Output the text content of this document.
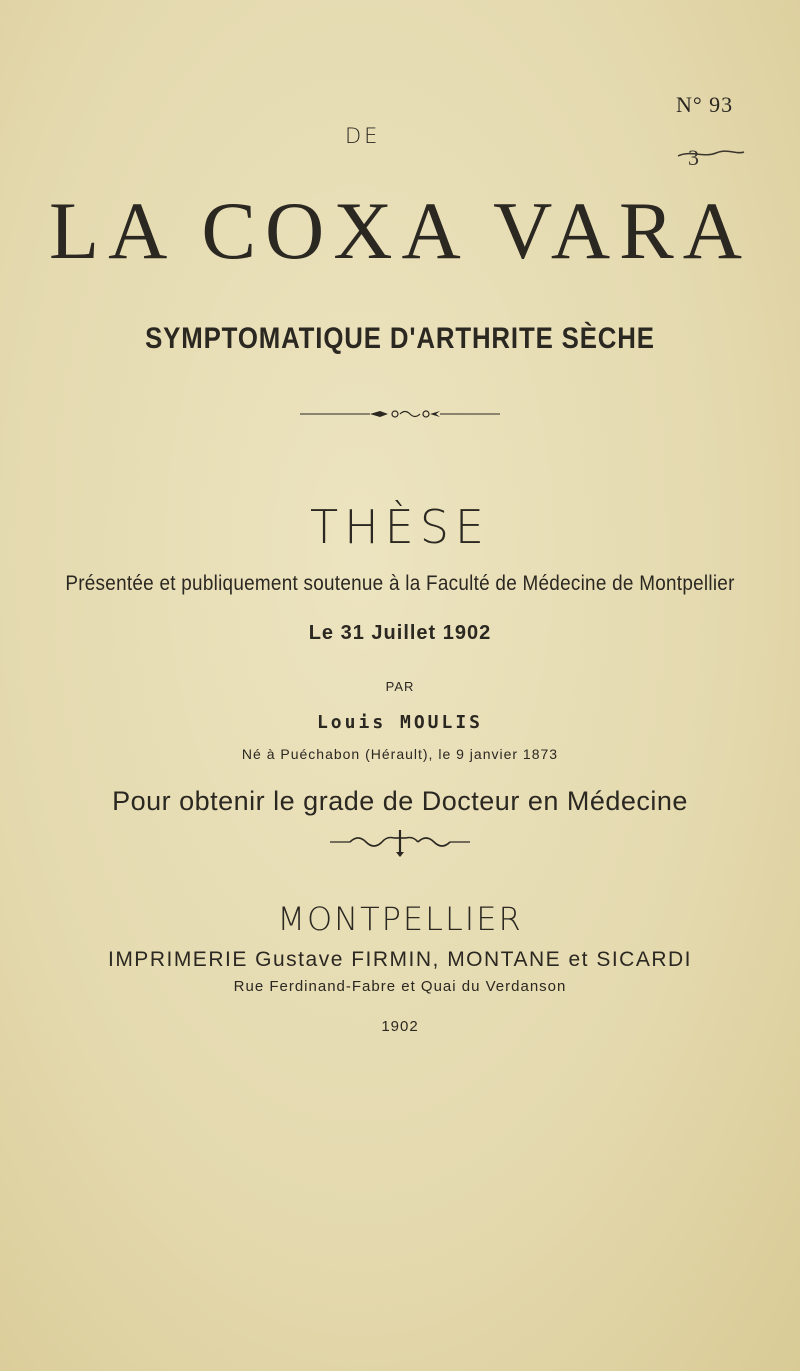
N° 93
3
DE
LA COXA VARA
SYMPTOMATIQUE D'ARTHRITE SÈCHE
THÈSE
Présentée et publiquement soutenue à la Faculté de Médecine de Montpellier
Le 31 Juillet 1902
PAR
Louis MOULIS
Né à Puéchabon (Hérault), le 9 janvier 1873
Pour obtenir le grade de Docteur en Médecine
MONTPELLIER
IMPRIMERIE Gustave FIRMIN, MONTANE et SICARDI
Rue Ferdinand-Fabre et Quai du Verdanson
1902
